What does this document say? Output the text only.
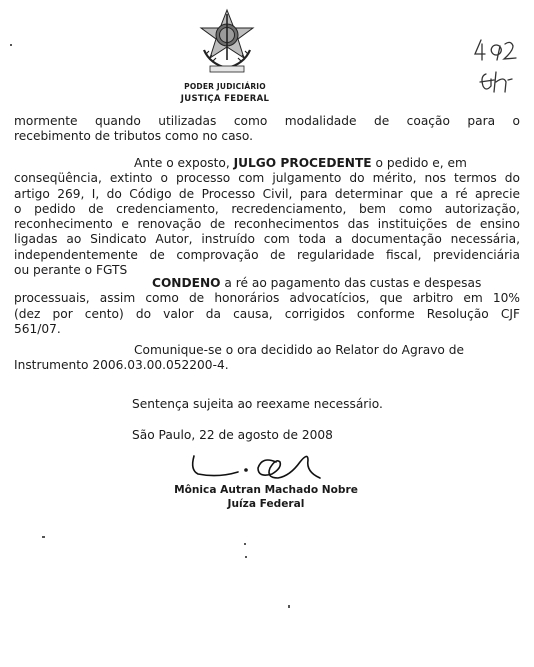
PODER JUDICIÁRIO
JUSTIÇA FEDERAL
mormente quando utilizadas como modalidade de coação para o
recebimento de tributos como no caso.
Ante o exposto, JULGO PROCEDENTE o pedido e, em
conseqüência, extinto o processo com julgamento do mérito, nos termos do
artigo 269, I, do Código de Processo Civil, para determinar que a ré aprecie
o pedido de credenciamento, recredenciamento, bem como autorização,
reconhecimento e renovação de reconhecimentos das instituições de ensino
ligadas ao Sindicato Autor, instruído com toda a documentação necessária,
independentemente de comprovação de regularidade fiscal, previdenciária
ou perante o FGTS
CONDENO a ré ao pagamento das custas e despesas
processuais, assim como de honorários advocatícios, que arbitro em 10%
(dez por cento) do valor da causa, corrigidos conforme Resolução CJF
561/07.
Comunique-se o ora decidido ao Relator do Agravo de
Instrumento 2006.03.00.052200-4.
Sentença sujeita ao reexame necessário.
São Paulo, 22 de agosto de 2008
Mônica Autran Machado Nobre
Juíza Federal
